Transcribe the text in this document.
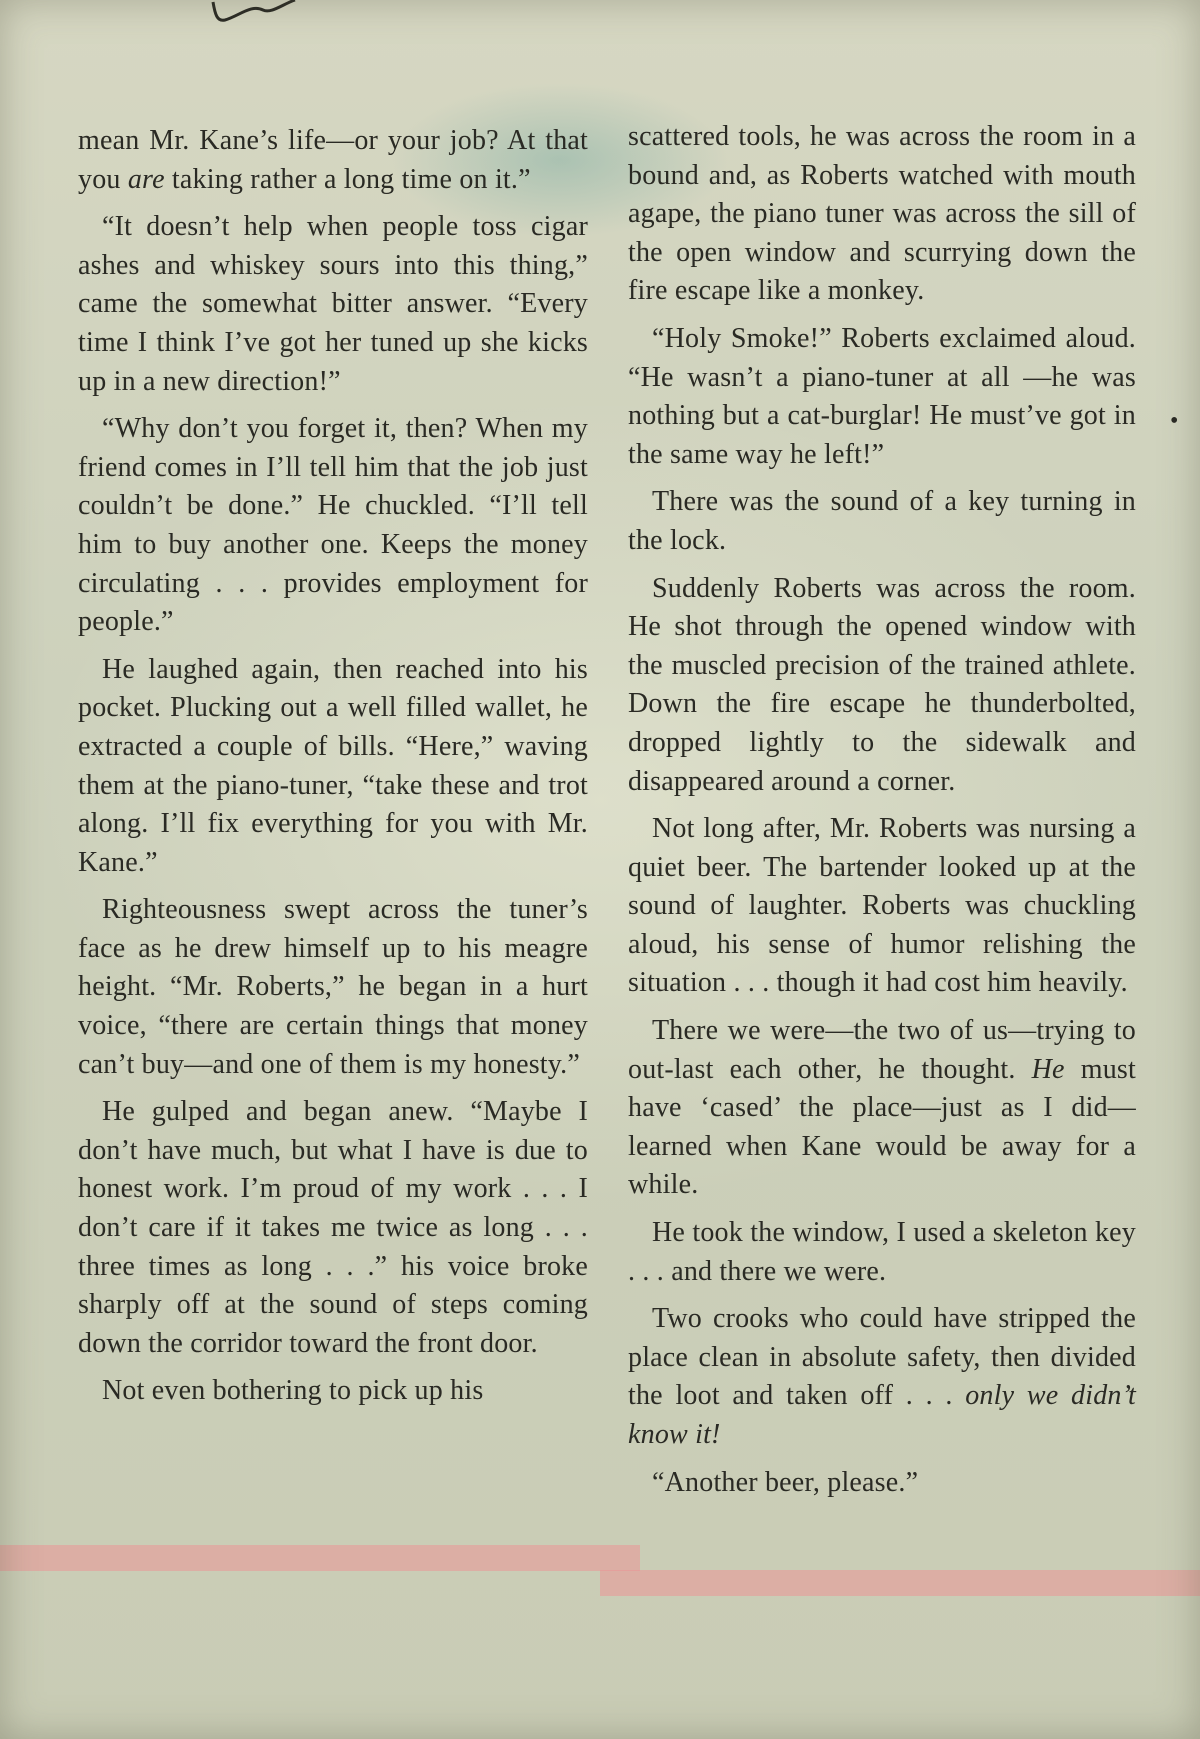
mean Mr. Kane’s life—or your job? At that you are taking rather a long time on it.”

“It doesn’t help when people toss cigar ashes and whiskey sours into this thing,” came the somewhat bitter answer. “Every time I think I’ve got her tuned up she kicks up in a new direction!”

“Why don’t you forget it, then? When my friend comes in I’ll tell him that the job just couldn’t be done.” He chuckled. “I’ll tell him to buy another one. Keeps the money circulating . . . provides employment for people.”

He laughed again, then reached into his pocket. Plucking out a well filled wallet, he extracted a couple of bills. “Here,” waving them at the piano-tuner, “take these and trot along. I’ll fix everything for you with Mr. Kane.”

Righteousness swept across the tuner’s face as he drew himself up to his meagre height. “Mr. Roberts,” he began in a hurt voice, “there are certain things that money can’t buy—and one of them is my honesty.”

He gulped and began anew. “Maybe I don’t have much, but what I have is due to honest work. I’m proud of my work . . . I don’t care if it takes me twice as long . . . three times as long . . .” his voice broke sharply off at the sound of steps coming down the corridor toward the front door.

Not even bothering to pick up his

scattered tools, he was across the room in a bound and, as Roberts watched with mouth agape, the piano tuner was across the sill of the open window and scurrying down the fire escape like a monkey.

“Holy Smoke!” Roberts exclaimed aloud. “He wasn’t a piano-tuner at all —he was nothing but a cat-burglar! He must’ve got in the same way he left!”

There was the sound of a key turning in the lock.

Suddenly Roberts was across the room. He shot through the opened window with the muscled precision of the trained athlete. Down the fire escape he thunderbolted, dropped lightly to the sidewalk and disappeared around a corner.

Not long after, Mr. Roberts was nursing a quiet beer. The bartender looked up at the sound of laughter. Roberts was chuckling aloud, his sense of humor relishing the situation . . . though it had cost him heavily.

There we were—the two of us—trying to out-last each other, he thought. He must have ‘cased’ the place—just as I did—learned when Kane would be away for a while.

He took the window, I used a skeleton key . . . and there we were.

Two crooks who could have stripped the place clean in absolute safety, then divided the loot and taken off . . . only we didn’t know it!

“Another beer, please.”

•
